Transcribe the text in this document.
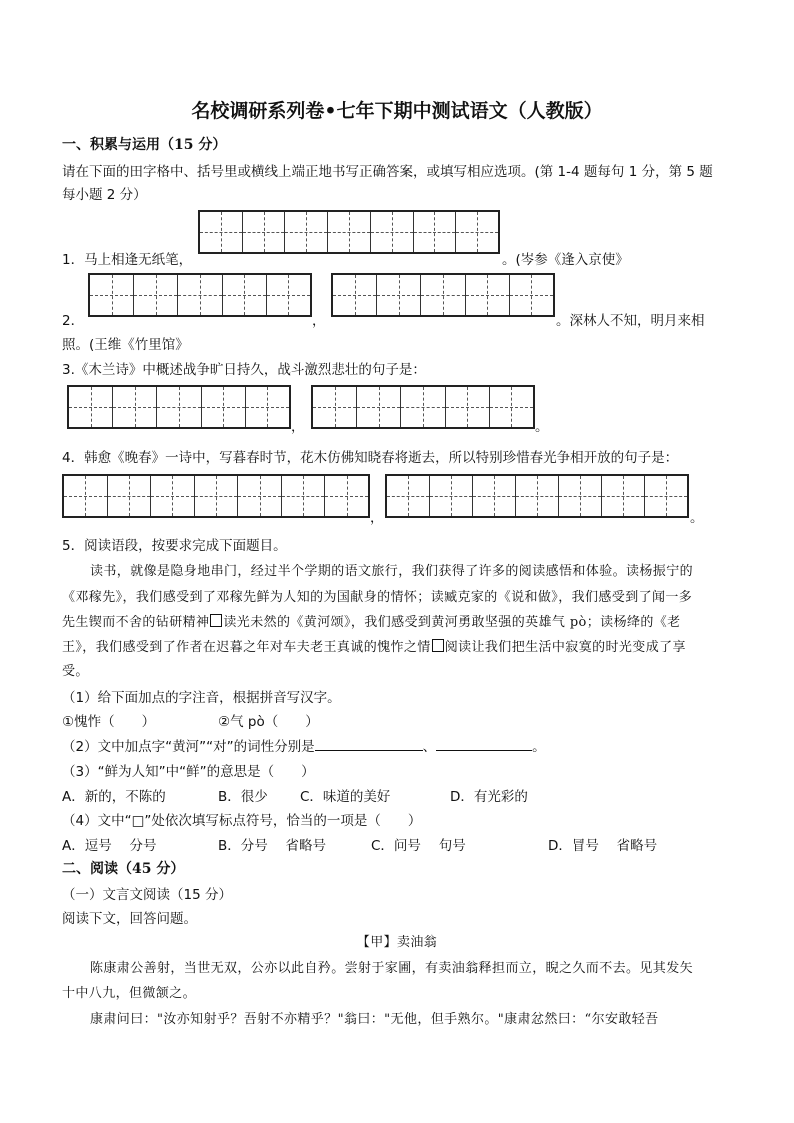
名校调研系列卷•七年下期中测试语文（人教版）
一、积累与运用（15 分）
请在下面的田字格中、括号里或横线上端正地书写正确答案，或填写相应选项。(第 1-4 题每句 1 分，第 5 题
每小题 2 分）
1．马上相逢无纸笔，	。(岑参《逢入京使》
2．	，	。深林人不知，明月来相
照。(王维《竹里馆》
3.《木兰诗》中概述战争旷日持久，战斗激烈悲壮的句子是：
，	。
4．韩愈《晚春》一诗中，写暮春时节，花木仿佛知晓春将逝去，所以特别珍惜春光争相开放的句子是：
，	。
5．阅读语段，按要求完成下面题目。
读书，就像是隐身地串门，经过半个学期的语文旅行，我们获得了许多的阅读感悟和体验。读杨振宁的
《邓稼先》，我们感受到了邓稼先鲜为人知的为国献身的情怀；读臧克家的《说和做》，我们感受到了闻一多
先生锲而不舍的钻研精神 读光未然的《黄河颂》，我们感受到黄河勇敢坚强的英雄气 pò；读杨绛的《老
王》，我们感受到了作者在迟暮之年对车夫老王真诚的愧怍之情 阅读让我们把生活中寂寞的时光变成了享
受。
（1）给下面加点的字注音，根据拼音写汉字。
①愧怍（　　）	②气 pò（　　）
（2）文中加点字“黄河”“对”的词性分别是	、	。
（3）“鲜为人知”中“鲜”的意思是（　　）
A．新的，不陈的	B．很少 C．味道的美好	D．有光彩的
（4）文中“□”处依次填写标点符号，恰当的一项是（　　）
A．逗号　 分号	B．分号　 省略号	C．问号　 句号	D．冒号　 省略号
二、阅读（45 分）
（一）文言文阅读（15 分）
阅读下文，回答问题。
【甲】卖油翁
陈康肃公善射，当世无双，公亦以此自矜。尝射于家圃，有卖油翁释担而立，睨之久而不去。见其发矢
十中八九，但微颔之。
康肃问曰："汝亦知射乎？吾射不亦精乎？"翁曰："无他，但手熟尔。"康肃忿然曰：“尔安敢轻吾
